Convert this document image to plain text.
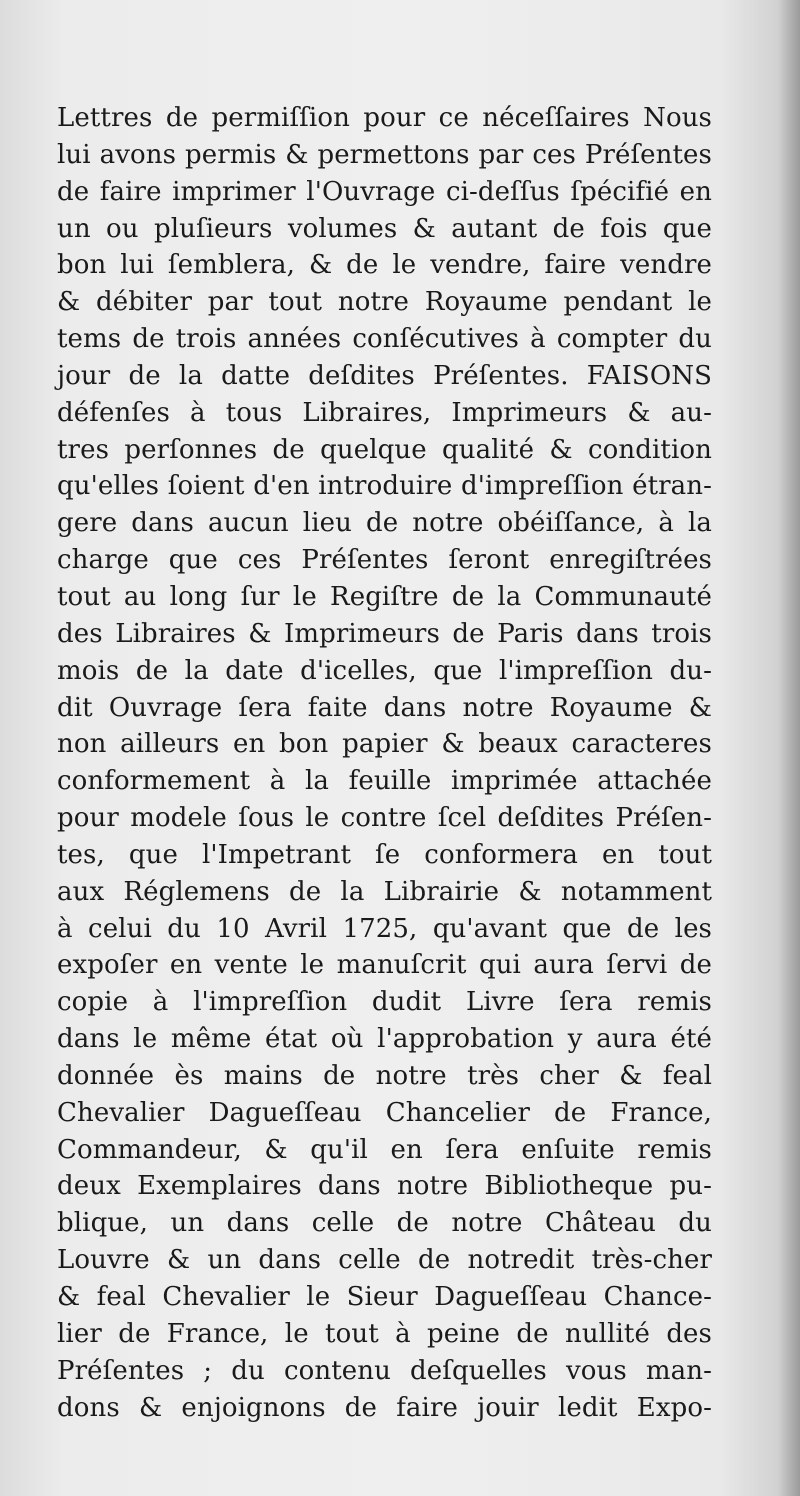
Lettres de permiſſion pour ce néceſſaires Nous
lui avons permis & permettons par ces Préſentes
de faire imprimer l'Ouvrage ci-deſſus ſpécifié en
un ou pluſieurs volumes & autant de fois que
bon lui ſemblera, & de le vendre, faire vendre
& débiter par tout notre Royaume pendant le
tems de trois années conſécutives à compter du
jour de la datte deſdites Préſentes. FAISONS
défenſes à tous Libraires, Imprimeurs & au-
tres perſonnes de quelque qualité & condition
qu'elles ſoient d'en introduire d'impreſſion étran-
gere dans aucun lieu de notre obéiſſance, à la
charge que ces Préſentes ſeront enregiſtrées
tout au long ſur le Regiſtre de la Communauté
des Libraires & Imprimeurs de Paris dans trois
mois de la date d'icelles, que l'impreſſion du-
dit Ouvrage ſera faite dans notre Royaume &
non ailleurs en bon papier & beaux caracteres
conformement à la feuille imprimée attachée
pour modele ſous le contre ſcel deſdites Préſen-
tes, que l'Impetrant ſe conformera en tout
aux Réglemens de la Librairie & notamment
à celui du 10 Avril 1725, qu'avant que de les
expoſer en vente le manuſcrit qui aura ſervi de
copie à l'impreſſion dudit Livre ſera remis
dans le même état où l'approbation y aura été
donnée ès mains de notre très cher & feal
Chevalier Dagueſſeau Chancelier de France,
Commandeur, & qu'il en ſera enſuite remis
deux Exemplaires dans notre Bibliotheque pu-
blique, un dans celle de notre Château du
Louvre & un dans celle de notredit très-cher
& feal Chevalier le Sieur Dagueſſeau Chance-
lier de France, le tout à peine de nullité des
Préſentes ; du contenu deſquelles vous man-
dons & enjoignons de faire jouir ledit Expo-
